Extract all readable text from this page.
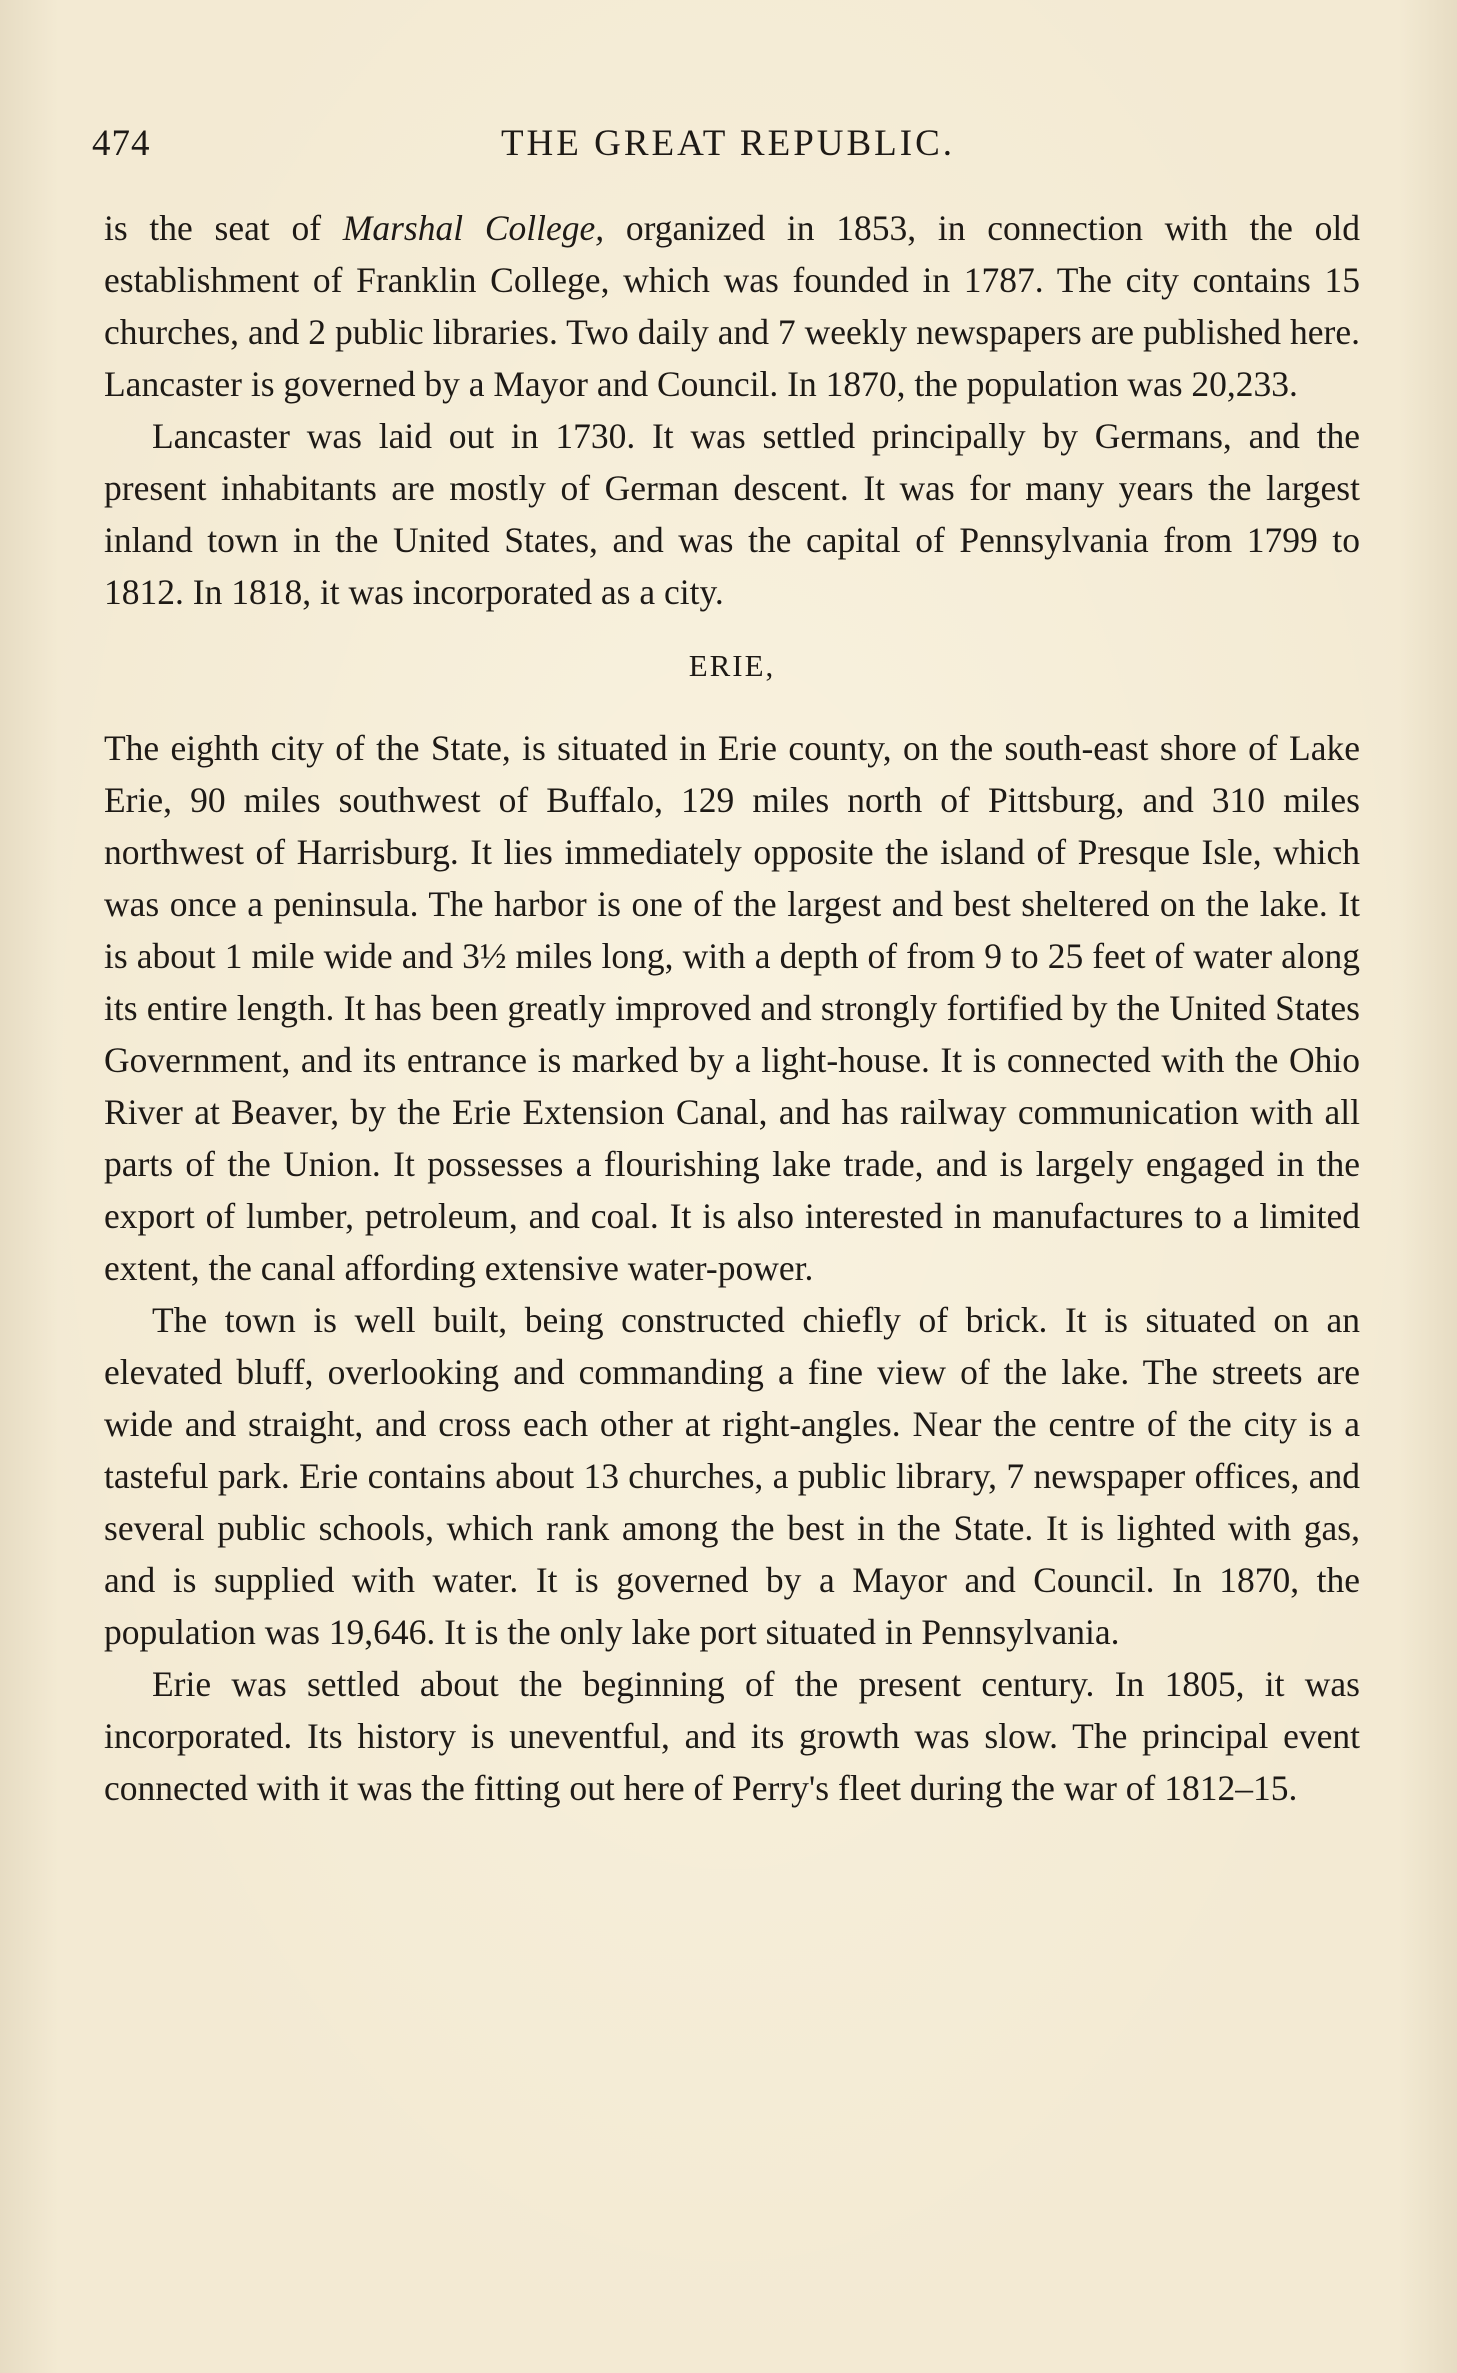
474	THE GREAT REPUBLIC.

is the seat of Marshal College, organized in 1853, in connection with the old establishment of Franklin College, which was founded in 1787. The city contains 15 churches, and 2 public libraries. Two daily and 7 weekly newspapers are published here. Lancaster is governed by a Mayor and Council. In 1870, the population was 20,233.

Lancaster was laid out in 1730. It was settled principally by Germans, and the present inhabitants are mostly of German descent. It was for many years the largest inland town in the United States, and was the capital of Pennsylvania from 1799 to 1812. In 1818, it was incorporated as a city.

ERIE,

The eighth city of the State, is situated in Erie county, on the south-east shore of Lake Erie, 90 miles southwest of Buffalo, 129 miles north of Pittsburg, and 310 miles northwest of Harrisburg. It lies immediately opposite the island of Presque Isle, which was once a peninsula. The harbor is one of the largest and best sheltered on the lake. It is about 1 mile wide and 3½ miles long, with a depth of from 9 to 25 feet of water along its entire length. It has been greatly improved and strongly fortified by the United States Government, and its entrance is marked by a light-house. It is connected with the Ohio River at Beaver, by the Erie Extension Canal, and has railway communication with all parts of the Union. It possesses a flourishing lake trade, and is largely engaged in the export of lumber, petroleum, and coal. It is also interested in manufactures to a limited extent, the canal affording extensive water-power.

The town is well built, being constructed chiefly of brick. It is situated on an elevated bluff, overlooking and commanding a fine view of the lake. The streets are wide and straight, and cross each other at right-angles. Near the centre of the city is a tasteful park. Erie contains about 13 churches, a public library, 7 newspaper offices, and several public schools, which rank among the best in the State. It is lighted with gas, and is supplied with water. It is governed by a Mayor and Council. In 1870, the population was 19,646. It is the only lake port situated in Pennsylvania.

Erie was settled about the beginning of the present century. In 1805, it was incorporated. Its history is uneventful, and its growth was slow. The principal event connected with it was the fitting out here of Perry's fleet during the war of 1812–15.
